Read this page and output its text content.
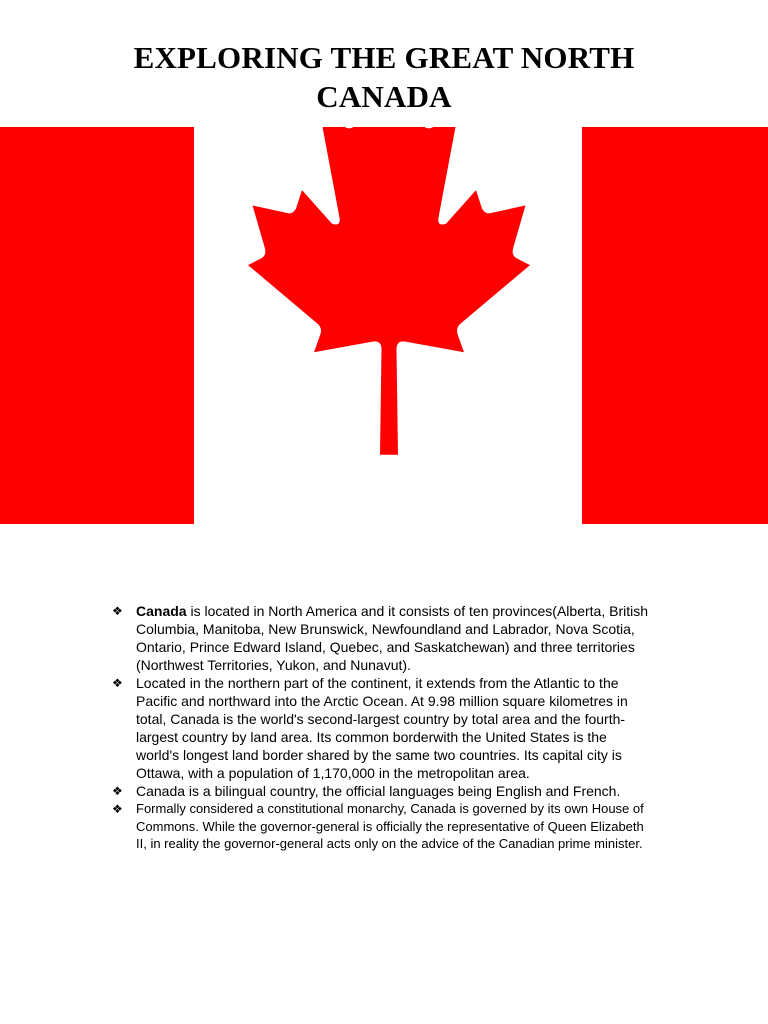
EXPLORING THE GREAT NORTH
CANADA
❖ Canada is located in North America and it consists of ten provinces(Alberta, British Columbia, Manitoba, New Brunswick, Newfoundland and Labrador, Nova Scotia, Ontario, Prince Edward Island, Quebec, and Saskatchewan) and three territories (Northwest Territories, Yukon, and Nunavut).
❖ Located in the northern part of the continent, it extends from the Atlantic to the Pacific and northward into the Arctic Ocean. At 9.98 million square kilometres in total, Canada is the world's second-largest country by total area and the fourth-largest country by land area. Its common borderwith the United States is the world's longest land border shared by the same two countries. Its capital city is Ottawa, with a population of 1,170,000 in the metropolitan area.
❖ Canada is a bilingual country, the official languages being English and French.
❖ Formally considered a constitutional monarchy, Canada is governed by its own House of Commons. While the governor-general is officially the representative of Queen Elizabeth II, in reality the governor-general acts only on the advice of the Canadian prime minister.
